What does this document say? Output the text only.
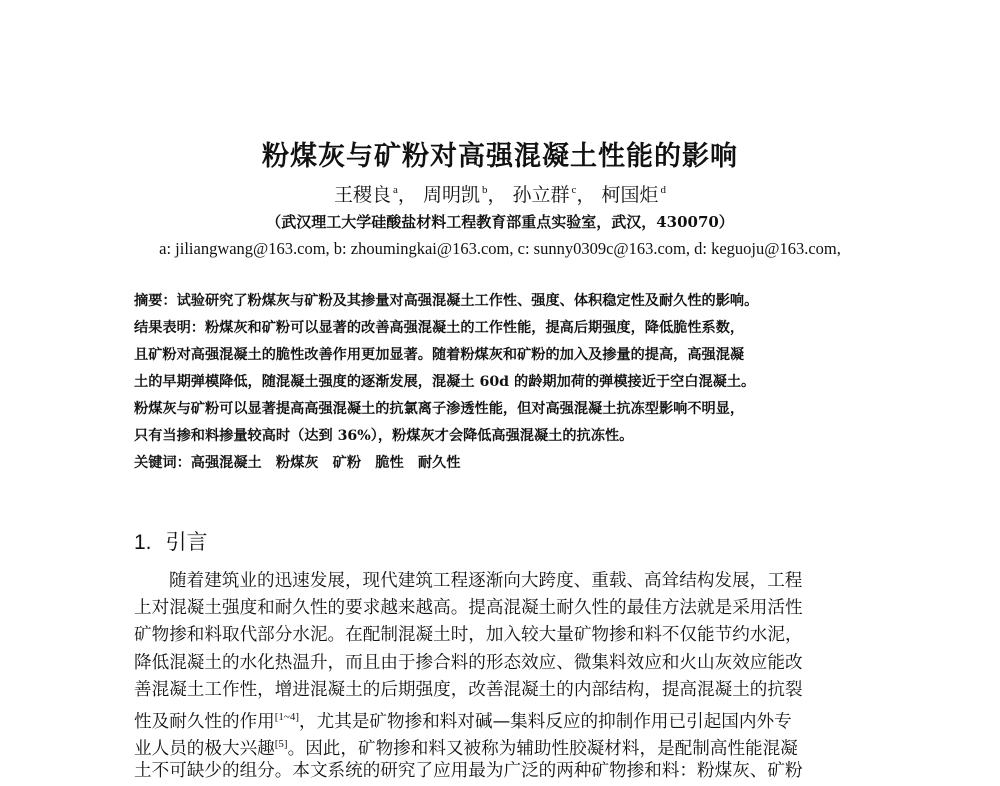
粉煤灰与矿粉对高强混凝土性能的影响
王稷良 $^a$， 周明凯 $^b$， 孙立群 $^c$， 柯国炬 $^d$
（武汉理工大学硅酸盐材料工程教育部重点实验室，武汉，430070）
a: jiliangwang@163.com, b: zhoumingkai@163.com, c: sunny0309c@163.com, d: keguoju@163.com,
摘要：试验研究了粉煤灰与矿粉及其掺量对高强混凝土工作性、强度、体积稳定性及耐久性的影响。
结果表明：粉煤灰和矿粉可以显著的改善高强混凝土的工作性能，提高后期强度，降低脆性系数，
且矿粉对高强混凝土的脆性改善作用更加显著。随着粉煤灰和矿粉的加入及掺量的提高，高强混凝
土的早期弹模降低，随混凝土强度的逐渐发展，混凝土 60d 的龄期加荷的弹模接近于空白混凝土。
粉煤灰与矿粉可以显著提高高强混凝土的抗氯离子渗透性能，但对高强混凝土抗冻型影响不明显，
只有当掺和料掺量较高时（达到 36%），粉煤灰才会降低高强混凝土的抗冻性。
关键词：高强混凝土  粉煤灰  矿粉  脆性  耐久性
1. 引言
随着建筑业的迅速发展，现代建筑工程逐渐向大跨度、重载、高耸结构发展，工程
上对混凝土强度和耐久性的要求越来越高。提高混凝土耐久性的最佳方法就是采用活性
矿物掺和料取代部分水泥。在配制混凝土时，加入较大量矿物掺和料不仅能节约水泥，
降低混凝土的水化热温升，而且由于掺合料的形态效应、微集料效应和火山灰效应能改
善混凝土工作性，增进混凝土的后期强度，改善混凝土的内部结构，提高混凝土的抗裂
性及耐久性的作用[1~4]，尤其是矿物掺和料对碱—集料反应的抑制作用已引起国内外专
业人员的极大兴趣[5]。因此，矿物掺和料又被称为辅助性胶凝材料，是配制高性能混凝
土不可缺少的组分。本文系统的研究了应用最为广泛的两种矿物掺和料：粉煤灰、矿粉
